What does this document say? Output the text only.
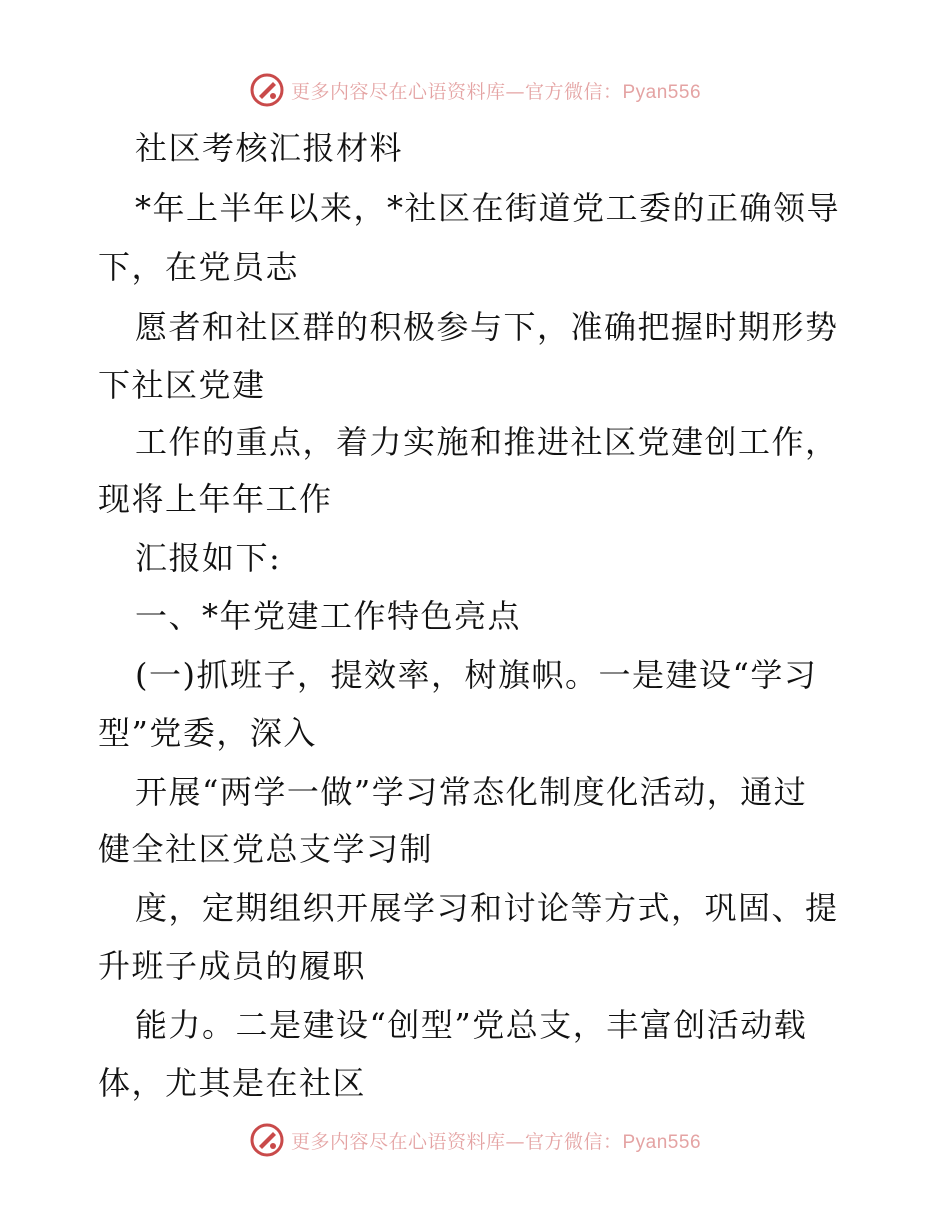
更多内容尽在心语资料库—官方微信：Pyan556
社区考核汇报材料
*年上半年以来，*社区在街道党工委的正确领导
下，在党员志
愿者和社区群的积极参与下，准确把握时期形势
下社区党建
工作的重点，着力实施和推进社区党建创工作，
现将上年年工作
汇报如下:
一、*年党建工作特色亮点
(一)抓班子，提效率，树旗帜。一是建设“学习
型”党委，深入
开展“两学一做”学习常态化制度化活动，通过
健全社区党总支学习制
度，定期组织开展学习和讨论等方式，巩固、提
升班子成员的履职
能力。二是建设“创型”党总支，丰富创活动载
体，尤其是在社区
更多内容尽在心语资料库—官方微信：Pyan556
